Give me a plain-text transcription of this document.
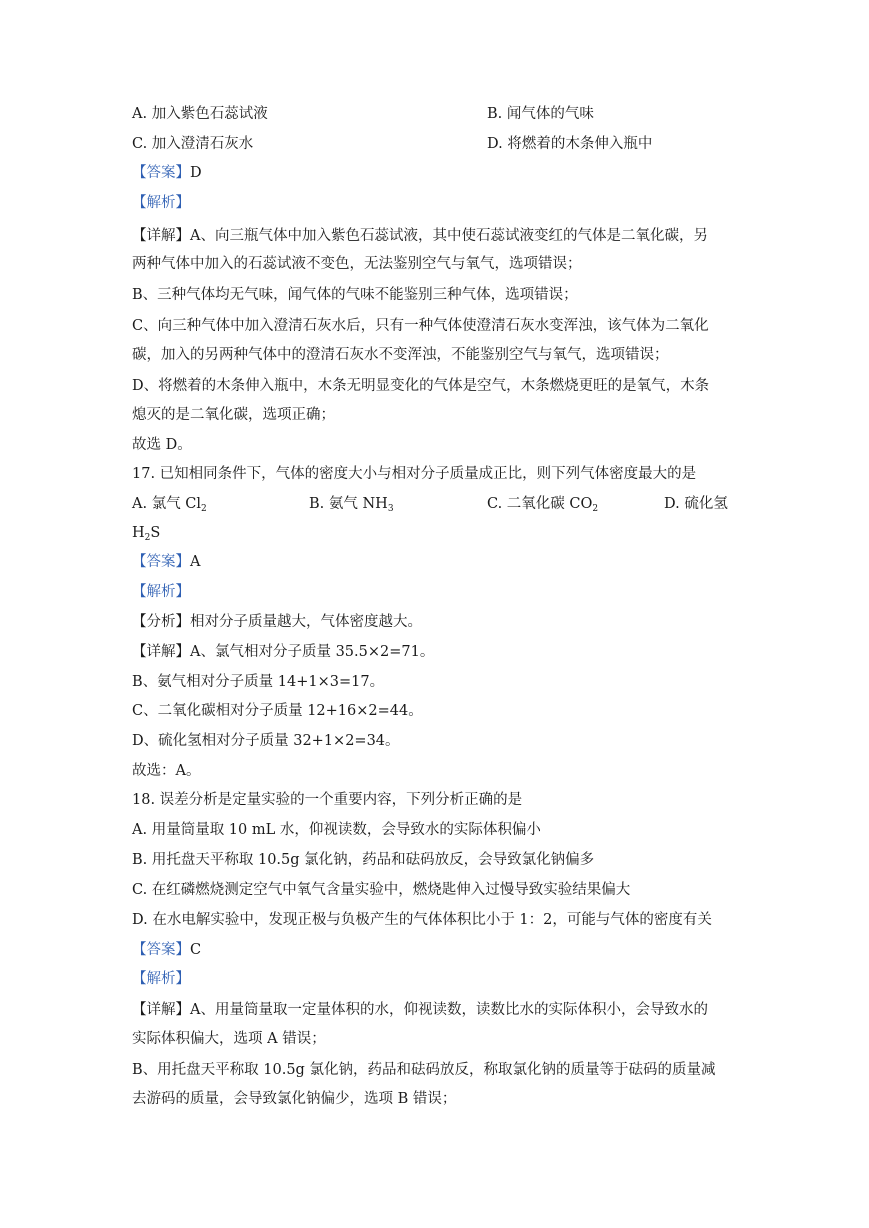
A. 加入紫色石蕊试液	B. 闻气体的气味
C. 加入澄清石灰水	D. 将燃着的木条伸入瓶中
【答案】D
【解析】
【详解】A、向三瓶气体中加入紫色石蕊试液，其中使石蕊试液变红的气体是二氧化碳，另
两种气体中加入的石蕊试液不变色，无法鉴别空气与氧气，选项错误；
B、三种气体均无气味，闻气体的气味不能鉴别三种气体，选项错误；
C、向三种气体中加入澄清石灰水后，只有一种气体使澄清石灰水变浑浊，该气体为二氧化
碳，加入的另两种气体中的澄清石灰水不变浑浊，不能鉴别空气与氧气，选项错误；
D、将燃着的木条伸入瓶中，木条无明显变化的气体是空气，木条燃烧更旺的是氧气，木条
熄灭的是二氧化碳，选项正确；
故选 D。
17. 已知相同条件下，气体的密度大小与相对分子质量成正比，则下列气体密度最大的是
A. 氯气 $Cl_2$	B. 氨气 $NH_3$	C. 二氧化碳 $CO_2$	D. 硫化氢
$H_2S$
【答案】A
【解析】
【分析】相对分子质量越大，气体密度越大。
【详解】A、氯气相对分子质量 35.5×2=71。
B、氨气相对分子质量 14+1×3=17。
C、二氧化碳相对分子质量 12+16×2=44。
D、硫化氢相对分子质量 32+1×2=34。
故选：A。
18. 误差分析是定量实验的一个重要内容，下列分析正确的是
A. 用量筒量取 10 mL 水，仰视读数，会导致水的实际体积偏小
B. 用托盘天平称取 10.5g 氯化钠，药品和砝码放反，会导致氯化钠偏多
C. 在红磷燃烧测定空气中氧气含量实验中，燃烧匙伸入过慢导致实验结果偏大
D. 在水电解实验中，发现正极与负极产生的气体体积比小于 1：2，可能与气体的密度有关
【答案】C
【解析】
【详解】A、用量筒量取一定量体积的水，仰视读数，读数比水的实际体积小，会导致水的
实际体积偏大，选项 A 错误；
B、用托盘天平称取 10.5g 氯化钠，药品和砝码放反，称取氯化钠的质量等于砝码的质量减
去游码的质量，会导致氯化钠偏少，选项 B 错误；
